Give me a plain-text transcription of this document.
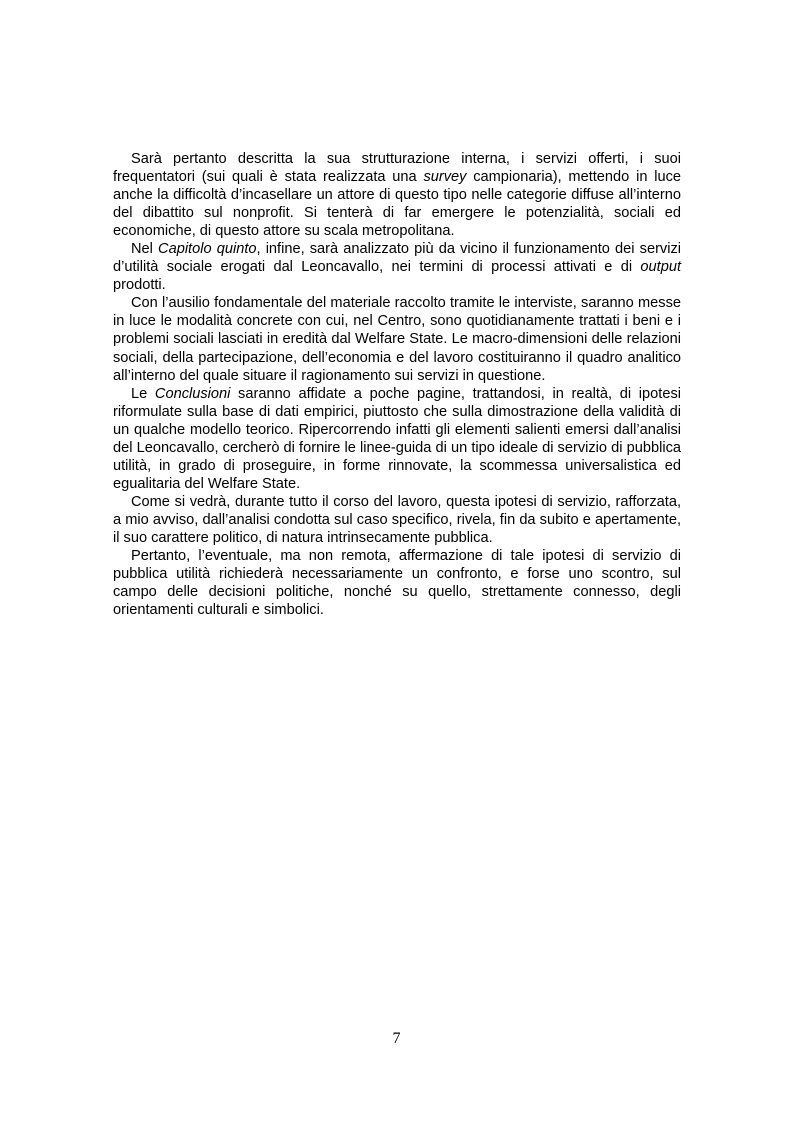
Sarà pertanto descritta la sua strutturazione interna, i servizi offerti, i suoi frequentatori (sui quali è stata realizzata una survey campionaria), mettendo in luce anche la difficoltà d’incasellare un attore di questo tipo nelle categorie diffuse all’interno del dibattito sul nonprofit. Si tenterà di far emergere le potenzialità, sociali ed economiche, di questo attore su scala metropolitana.

Nel Capitolo quinto, infine, sarà analizzato più da vicino il funzionamento dei servizi d’utilità sociale erogati dal Leoncavallo, nei termini di processi attivati e di output prodotti.

Con l’ausilio fondamentale del materiale raccolto tramite le interviste, saranno messe in luce le modalità concrete con cui, nel Centro, sono quotidianamente trattati i beni e i problemi sociali lasciati in eredità dal Welfare State. Le macro-dimensioni delle relazioni sociali, della partecipazione, dell’economia e del lavoro costituiranno il quadro analitico all’interno del quale situare il ragionamento sui servizi in questione.

Le Conclusioni saranno affidate a poche pagine, trattandosi, in realtà, di ipotesi riformulate sulla base di dati empirici, piuttosto che sulla dimostrazione della validità di un qualche modello teorico. Ripercorrendo infatti gli elementi salienti emersi dall’analisi del Leoncavallo, cercherò di fornire le linee-guida di un tipo ideale di servizio di pubblica utilità, in grado di proseguire, in forme rinnovate, la scommessa universalistica ed egualitaria del Welfare State.

Come si vedrà, durante tutto il corso del lavoro, questa ipotesi di servizio, rafforzata, a mio avviso, dall’analisi condotta sul caso specifico, rivela, fin da subito e apertamente, il suo carattere politico, di natura intrinsecamente pubblica.

Pertanto, l’eventuale, ma non remota, affermazione di tale ipotesi di servizio di pubblica utilità richiederà necessariamente un confronto, e forse uno scontro, sul campo delle decisioni politiche, nonché su quello, strettamente connesso, degli orientamenti culturali e simbolici.

7
